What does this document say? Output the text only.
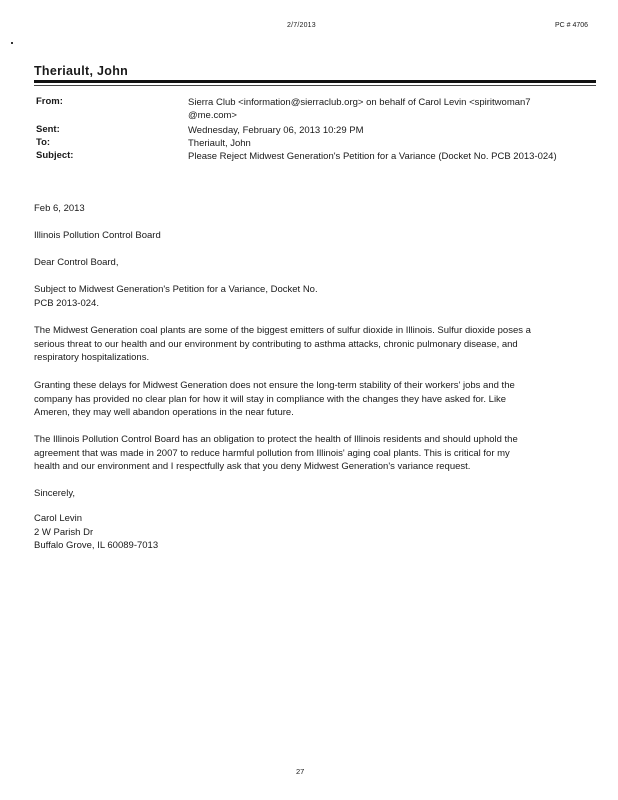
2/7/2013	PC # 4706
Theriault, John
From:	Sierra Club <information@sierraclub.org> on behalf of Carol Levin <spiritwoman7
@me.com>
Sent:	Wednesday, February 06, 2013 10:29 PM
To:	Theriault, John
Subject:	Please Reject Midwest Generation's Petition for a Variance (Docket No. PCB 2013-024)
Feb 6, 2013
Illinois Pollution Control Board
Dear Control Board,

Subject to Midwest Generation's Petition for a Variance, Docket No.

PCB 2013-024.

The Midwest Generation coal plants are some of the biggest emitters of sulfur dioxide in Illinois. Sulfur dioxide poses a

serious threat to our health and our environment by contributing to asthma attacks, chronic pulmonary disease, and

respiratory hospitalizations.

Granting these delays for Midwest Generation does not ensure the long-term stability of their workers' jobs and the

company has provided no clear plan for how it will stay in compliance with the changes they have asked for. Like

Ameren, they may well abandon operations in the near future.

The Illinois Pollution Control Board has an obligation to protect the health of Illinois residents and should uphold the

agreement that was made in 2007 to reduce harmful pollution from Illinois' aging coal plants. This is critical for my

health and our environment and I respectfully ask that you deny Midwest Generation's variance request.

Sincerely,

Carol Levin

2 W Parish Dr

Buffalo Grove, IL 60089-7013

27
